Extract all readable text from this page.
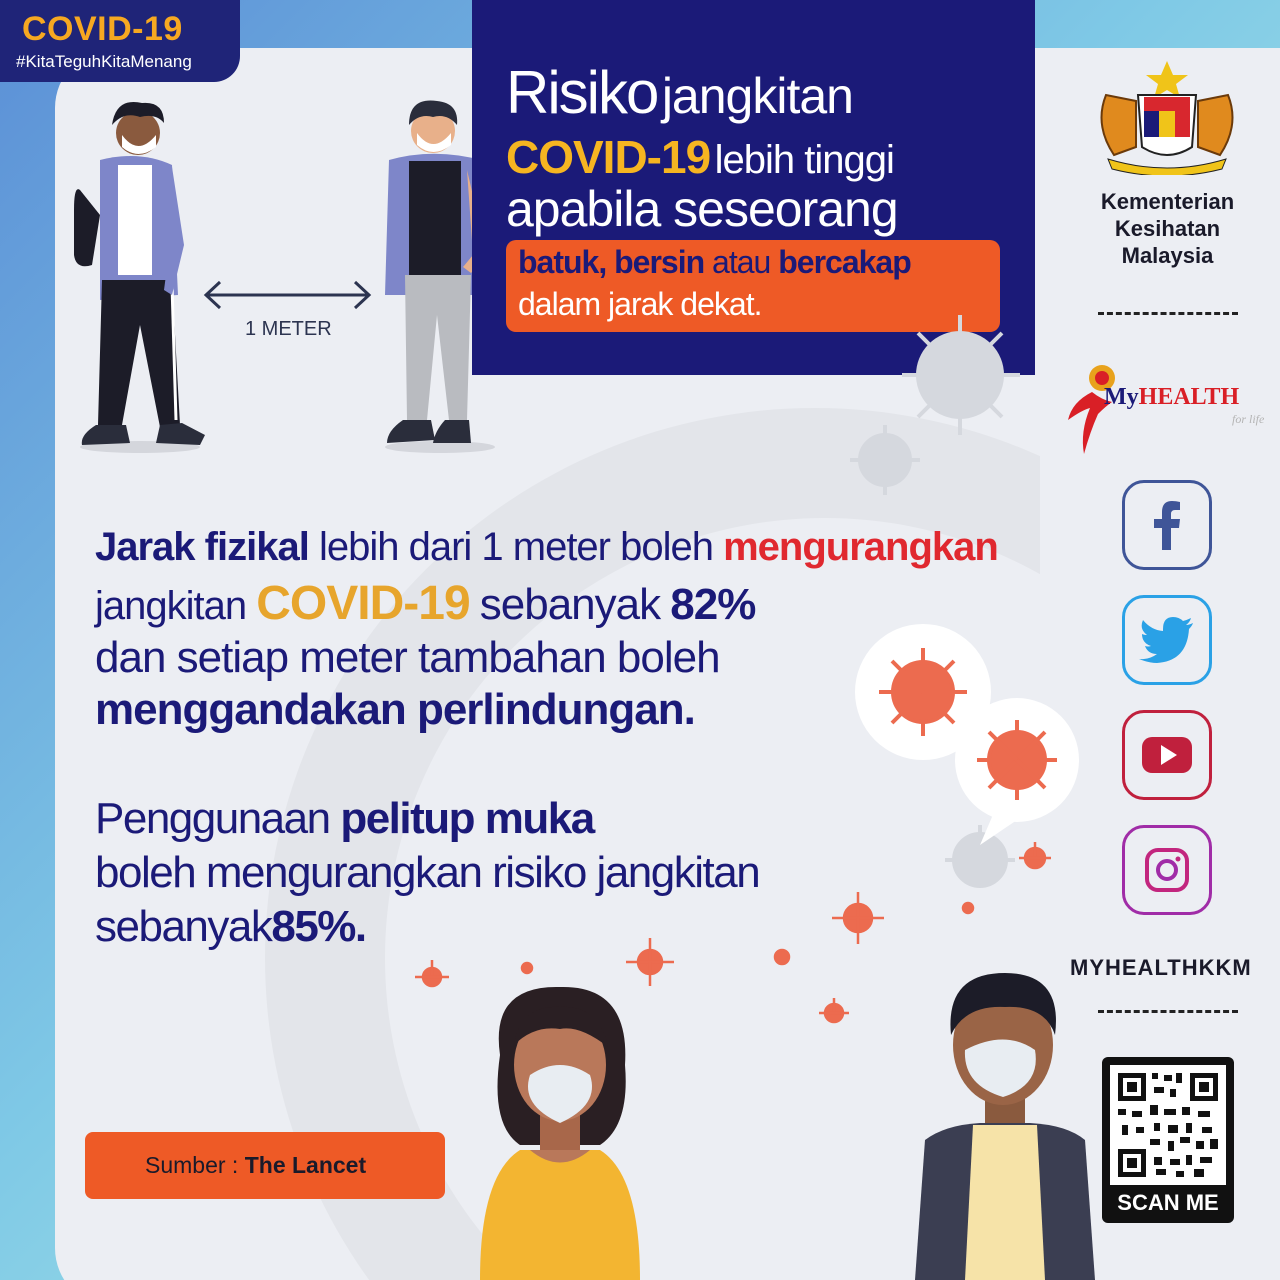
COVID-19
#KitaTeguhKitaMenang
1 METER
Risiko jangkitan
COVID-19 lebih tinggi
apabila seseorang
batuk, bersin atau bercakap
dalam jarak dekat.
Jarak fizikal lebih dari 1 meter boleh mengurangkan
jangkitan COVID-19 sebanyak 82%
dan setiap meter tambahan boleh
menggandakan perlindungan.
Penggunaan pelitup muka
boleh mengurangkan risiko jangkitan
sebanyak85%.
Sumber : The Lancet
Kementerian
Kesihatan
Malaysia
MyHEALTH
for life
MYHEALTHKKM
SCAN ME
